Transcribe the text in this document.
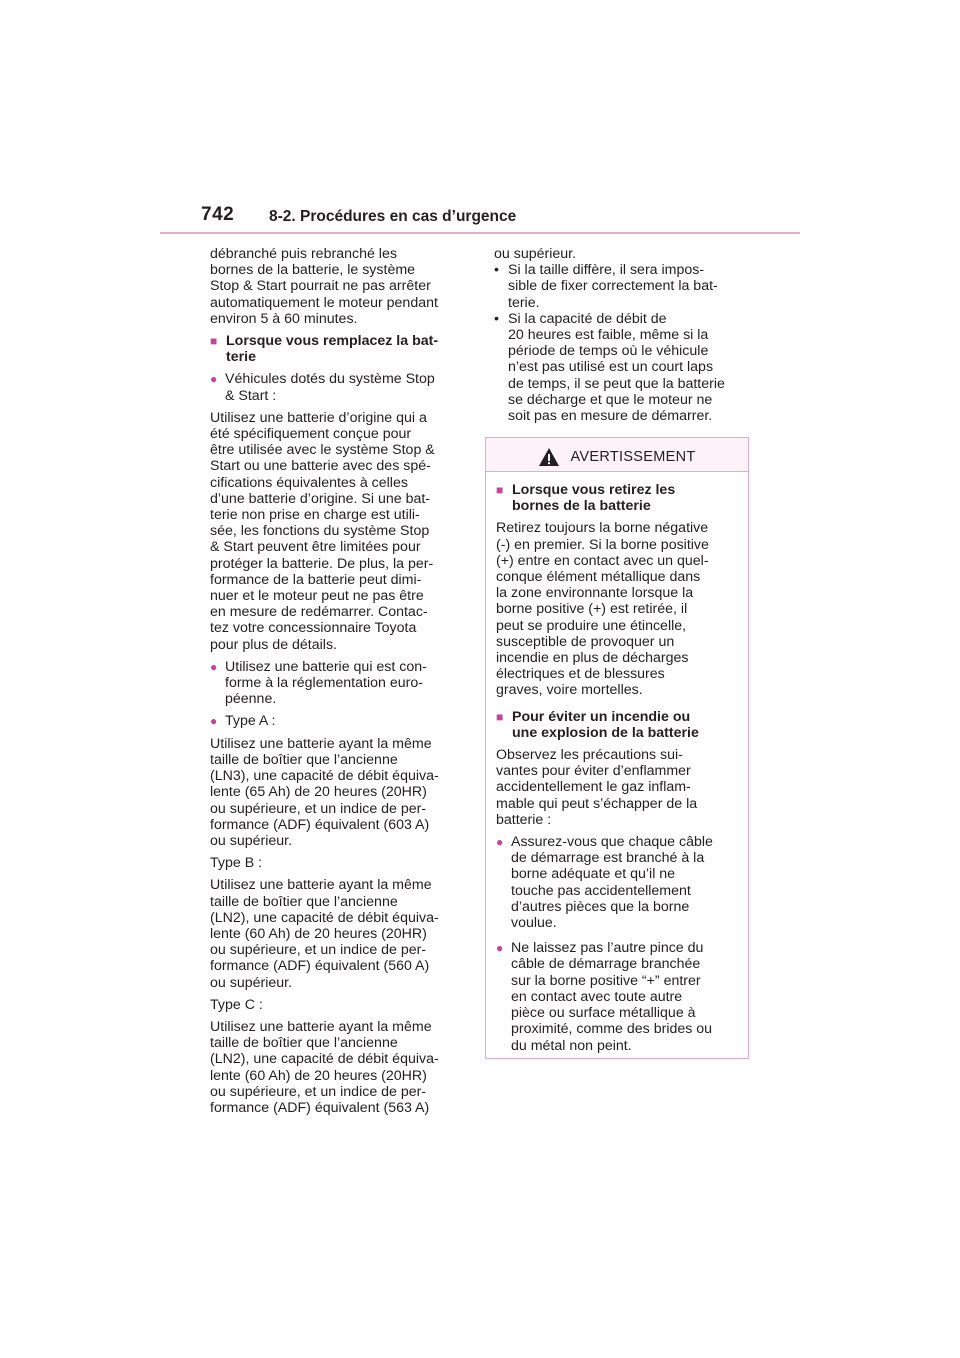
742 8-2. Procédures en cas d’urgence

débranché puis rebranché les
bornes de la batterie, le système
Stop & Start pourrait ne pas arrêter
automatiquement le moteur pendant
environ 5 à 60 minutes.

■ Lorsque vous remplacez la bat-
terie
● Véhicules dotés du système Stop
& Start :

Utilisez une batterie d’origine qui a
été spécifiquement conçue pour
être utilisée avec le système Stop &
Start ou une batterie avec des spé-
cifications équivalentes à celles
d’une batterie d’origine. Si une bat-
terie non prise en charge est utili-
sée, les fonctions du système Stop
& Start peuvent être limitées pour
protéger la batterie. De plus, la per-
formance de la batterie peut dimi-
nuer et le moteur peut ne pas être
en mesure de redémarrer. Contac-
tez votre concessionnaire Toyota
pour plus de détails.

● Utilisez une batterie qui est con-
forme à la réglementation euro-
péenne.
● Type A :

Utilisez une batterie ayant la même
taille de boîtier que l’ancienne
(LN3), une capacité de débit équiva-
lente (65 Ah) de 20 heures (20HR)
ou supérieure, et un indice de per-
formance (ADF) équivalent (603 A)
ou supérieur.

Type B :

Utilisez une batterie ayant la même
taille de boîtier que l’ancienne
(LN2), une capacité de débit équiva-
lente (60 Ah) de 20 heures (20HR)
ou supérieure, et un indice de per-
formance (ADF) équivalent (560 A)
ou supérieur.

Type C :

Utilisez une batterie ayant la même
taille de boîtier que l’ancienne
(LN2), une capacité de débit équiva-
lente (60 Ah) de 20 heures (20HR)
ou supérieure, et un indice de per-
formance (ADF) équivalent (563 A)

ou supérieur.

• Si la taille diffère, il sera impos-
sible de fixer correctement la bat-
terie.
• Si la capacité de débit de
20 heures est faible, même si la
période de temps où le véhicule
n’est pas utilisé est un court laps
de temps, il se peut que la batterie
se décharge et que le moteur ne
soit pas en mesure de démarrer.
AVERTISSEMENT
■ Lorsque vous retirez les
bornes de la batterie

Retirez toujours la borne négative
(-) en premier. Si la borne positive
(+) entre en contact avec un quel-
conque élément métallique dans
la zone environnante lorsque la
borne positive (+) est retirée, il
peut se produire une étincelle,
susceptible de provoquer un
incendie en plus de décharges
électriques et de blessures
graves, voire mortelles.

■ Pour éviter un incendie ou
une explosion de la batterie

Observez les précautions sui-
vantes pour éviter d’enflammer
accidentellement le gaz inflam-
mable qui peut s’échapper de la
batterie :

● Assurez-vous que chaque câble
de démarrage est branché à la
borne adéquate et qu’il ne
touche pas accidentellement
d’autres pièces que la borne
voulue.
● Ne laissez pas l’autre pince du
câble de démarrage branchée
sur la borne positive “+” entrer
en contact avec toute autre
pièce ou surface métallique à
proximité, comme des brides ou
du métal non peint.
